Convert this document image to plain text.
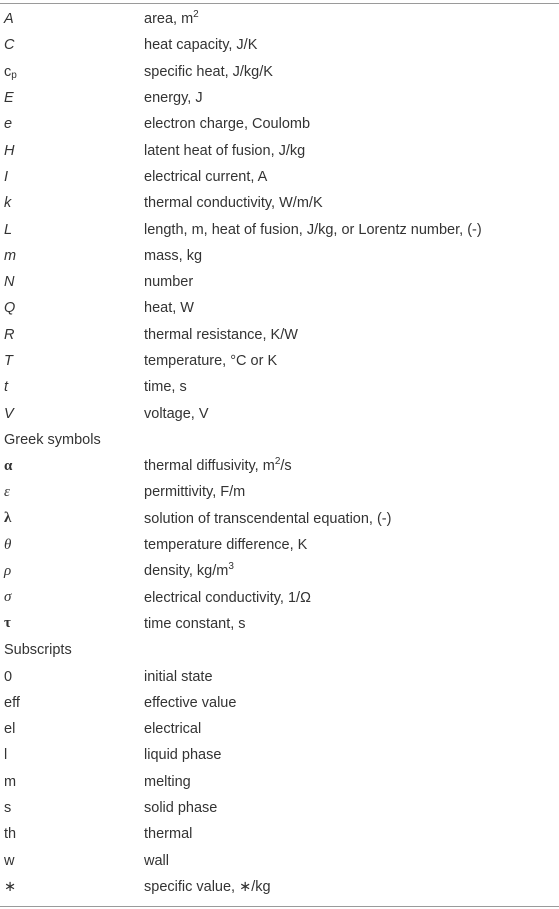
A	area, $m^2$
C	heat capacity, J/K
$c_p$	specific heat, J/kg/K
E	energy, J
e	electron charge, Coulomb
H	latent heat of fusion, J/kg
I	electrical current, A
k	thermal conductivity, W/m/K
L	length, m, heat of fusion, J/kg, or Lorentz number, (-)
m	mass, kg
N	number
Q	heat, W
R	thermal resistance, K/W
T	temperature, °C or K
t	time, s
V	voltage, V
Greek symbols	
α	thermal diffusivity, $m^2/s$
ε	permittivity, F/m
λ	solution of transcendental equation, (-)
θ	temperature difference, K
ρ	density, $kg/m^3$
σ	electrical conductivity, 1/Ω
τ	time constant, s
Subscripts	
0	initial state
eff	effective value
el	electrical
l	liquid phase
m	melting
s	solid phase
th	thermal
w	wall
∗	specific value, ∗/kg
